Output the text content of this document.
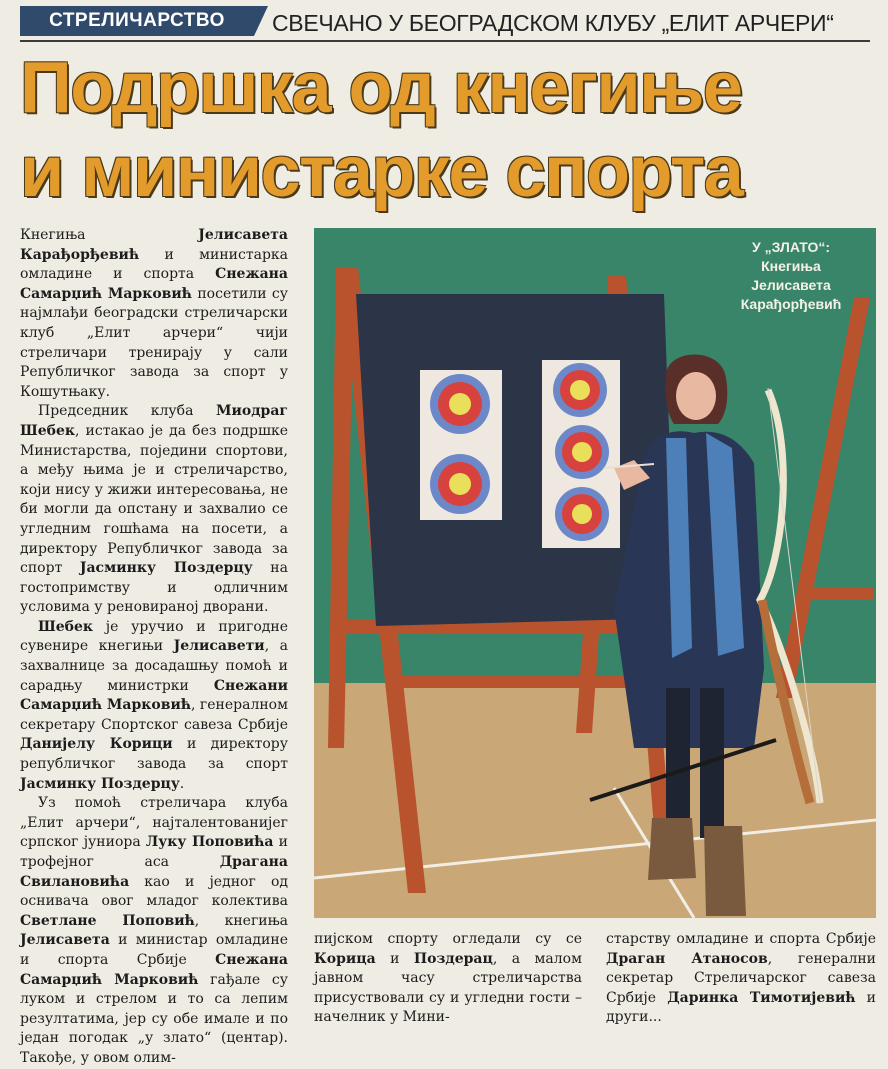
СТРЕЛИЧАРСТВО	СВЕЧАНО У БЕОГРАДСКОМ КЛУБУ „ЕЛИТ АРЧЕРИ“
Подршка од кнегиње
и министарке спорта

Кнегиња Јелисавета Карађорђевић и министарка омладине и спорта Снежана Самарџић Марковић посетили су најмлађи београдски стреличарски клуб „Елит арчери“ чији стреличари тренирају у сали Републичког завода за спорт у Кошутњаку.

Председник клуба Миодраг Шебек, истакао је да без подршке Министарства, поједини спортови, а међу њима је и стреличарство, који нису у жижи интересовања, не би могли да опстану и захвалио се угледним гошћама на посети, а директору Републичког завода за спорт Јасминку Поздерцу на гостопримству и одличним условима у реновираној дворани.

Шебек је уручио и пригодне сувенире кнегињи Јелисавети, а захвалнице за досадашњу помоћ и сарадњу министрки Снежани Самарџић Марковић, генералном секретару Спортског савеза Србије Данијелу Корици и директору републичког завода за спорт Јасминку Поздерцу.

Уз помоћ стреличара клуба „Елит арчери“, најталентованијег српског јуниора Луку Поповића и трофејног аса Драгана Свилановића као и једног од оснивача овог младог колектива Светлане Поповић, кнегиња Јелисавета и министар омладине и спорта Србије Снежана Самарџић Марковић гађале су луком и стрелом и то са лепим резултатима, јер су обе имале и по један погодак „у злато“ (центар). Такође, у овом олим-

У „ЗЛАТО“:
Кнегиња
Јелисавета
Карађорђевић
пијском спорту огледали су се Корица и Поздерац, а малом јавном часу стреличарства присуствовали су и угледни гости – начелник у Мини-
старству омладине и спорта Србије Драган Атаносов, генерални секретар Стреличарског савеза Србије Даринка Тимотијевић и други...
